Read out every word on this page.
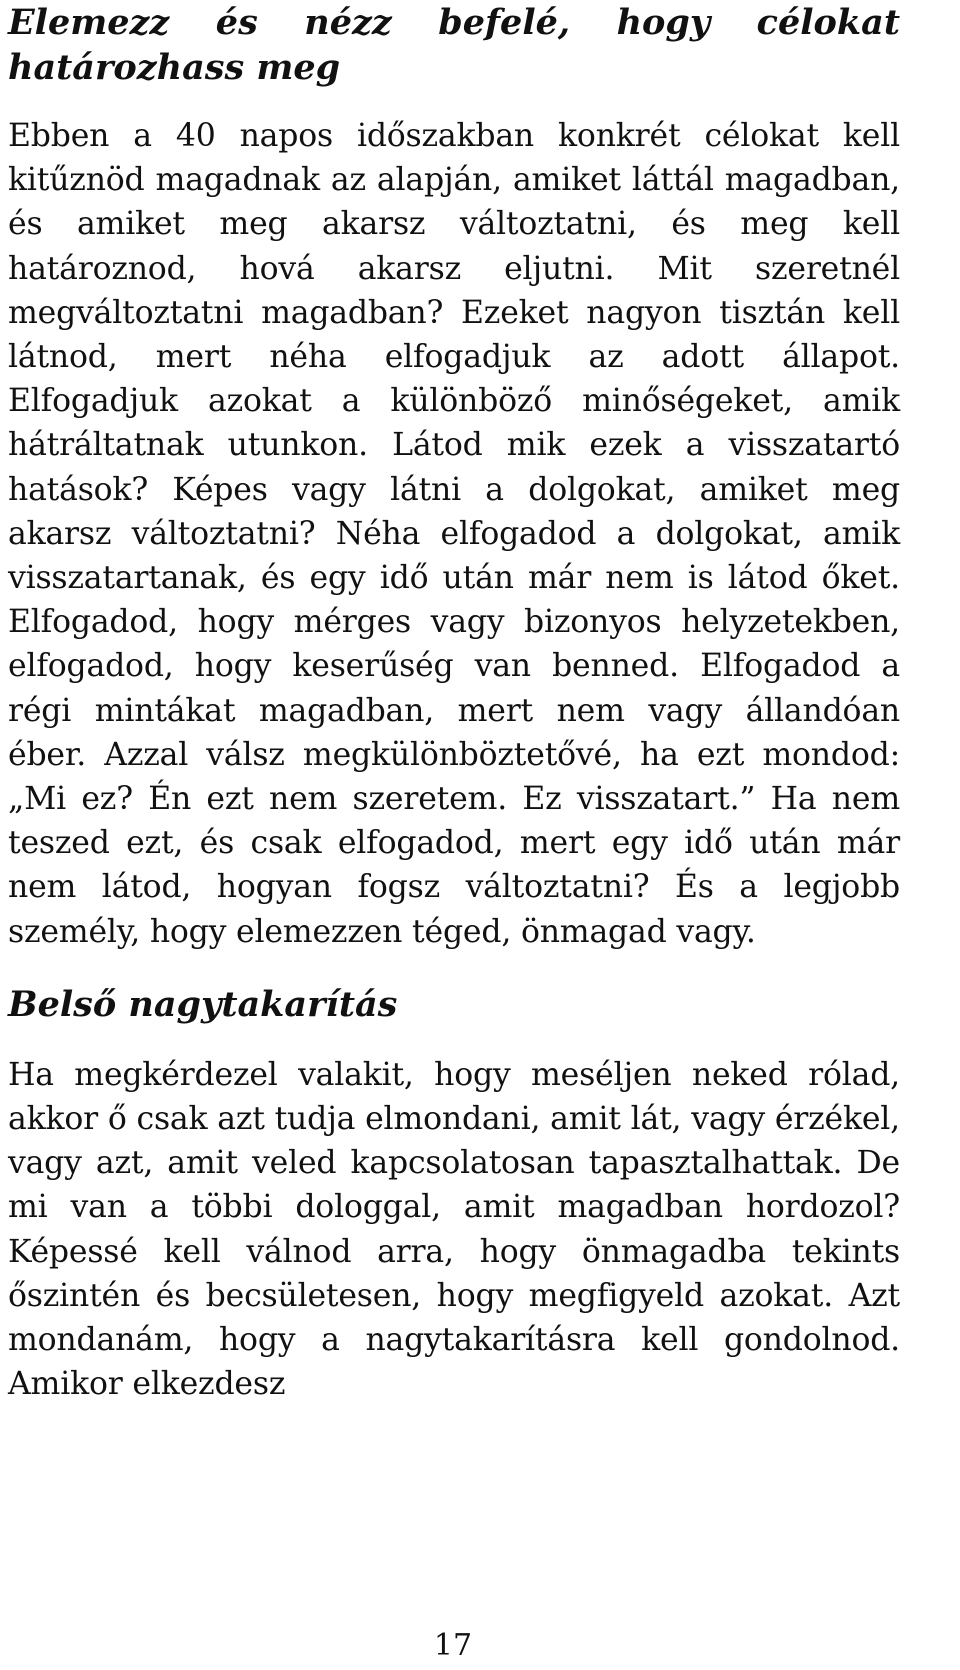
Elemezz és nézz befelé, hogy célokat
határozhass meg

Ebben a 40 napos időszakban konkrét célokat kell kitűznöd magadnak az alapján, amiket láttál magadban, és amiket meg akarsz változtatni, és meg kell határoznod, hová akarsz eljutni. Mit szeretnél megváltoztatni magadban? Ezeket nagyon tisztán kell látnod, mert néha elfogadjuk az adott állapot. Elfogadjuk azokat a különböző minőségeket, amik hátráltatnak utunkon. Látod mik ezek a visszatartó hatások? Képes vagy látni a dolgokat, amiket meg akarsz változtatni? Néha elfogadod a dolgokat, amik visszatartanak, és egy idő után már nem is látod őket. Elfogadod, hogy mérges vagy bizonyos helyzetekben, elfogadod, hogy keserűség van benned. Elfogadod a régi mintákat magadban, mert nem vagy állandóan éber. Azzal válsz megkülönböztetővé, ha ezt mondod: „Mi ez? Én ezt nem szeretem. Ez visszatart.” Ha nem teszed ezt, és csak elfogadod, mert egy idő után már nem látod, hogyan fogsz változtatni? És a legjobb személy, hogy elemezzen téged, önmagad vagy.

Belső nagytakarítás

Ha megkérdezel valakit, hogy meséljen neked rólad, akkor ő csak azt tudja elmondani, amit lát, vagy érzékel, vagy azt, amit veled kapcsolatosan tapasztalhattak. De mi van a többi dologgal, amit magadban hordozol? Képessé kell válnod arra, hogy önmagadba tekints őszintén és becsületesen, hogy megfigyeld azokat. Azt mondanám, hogy a nagytakarításra kell gondolnod. Amikor elkezdesz

17
